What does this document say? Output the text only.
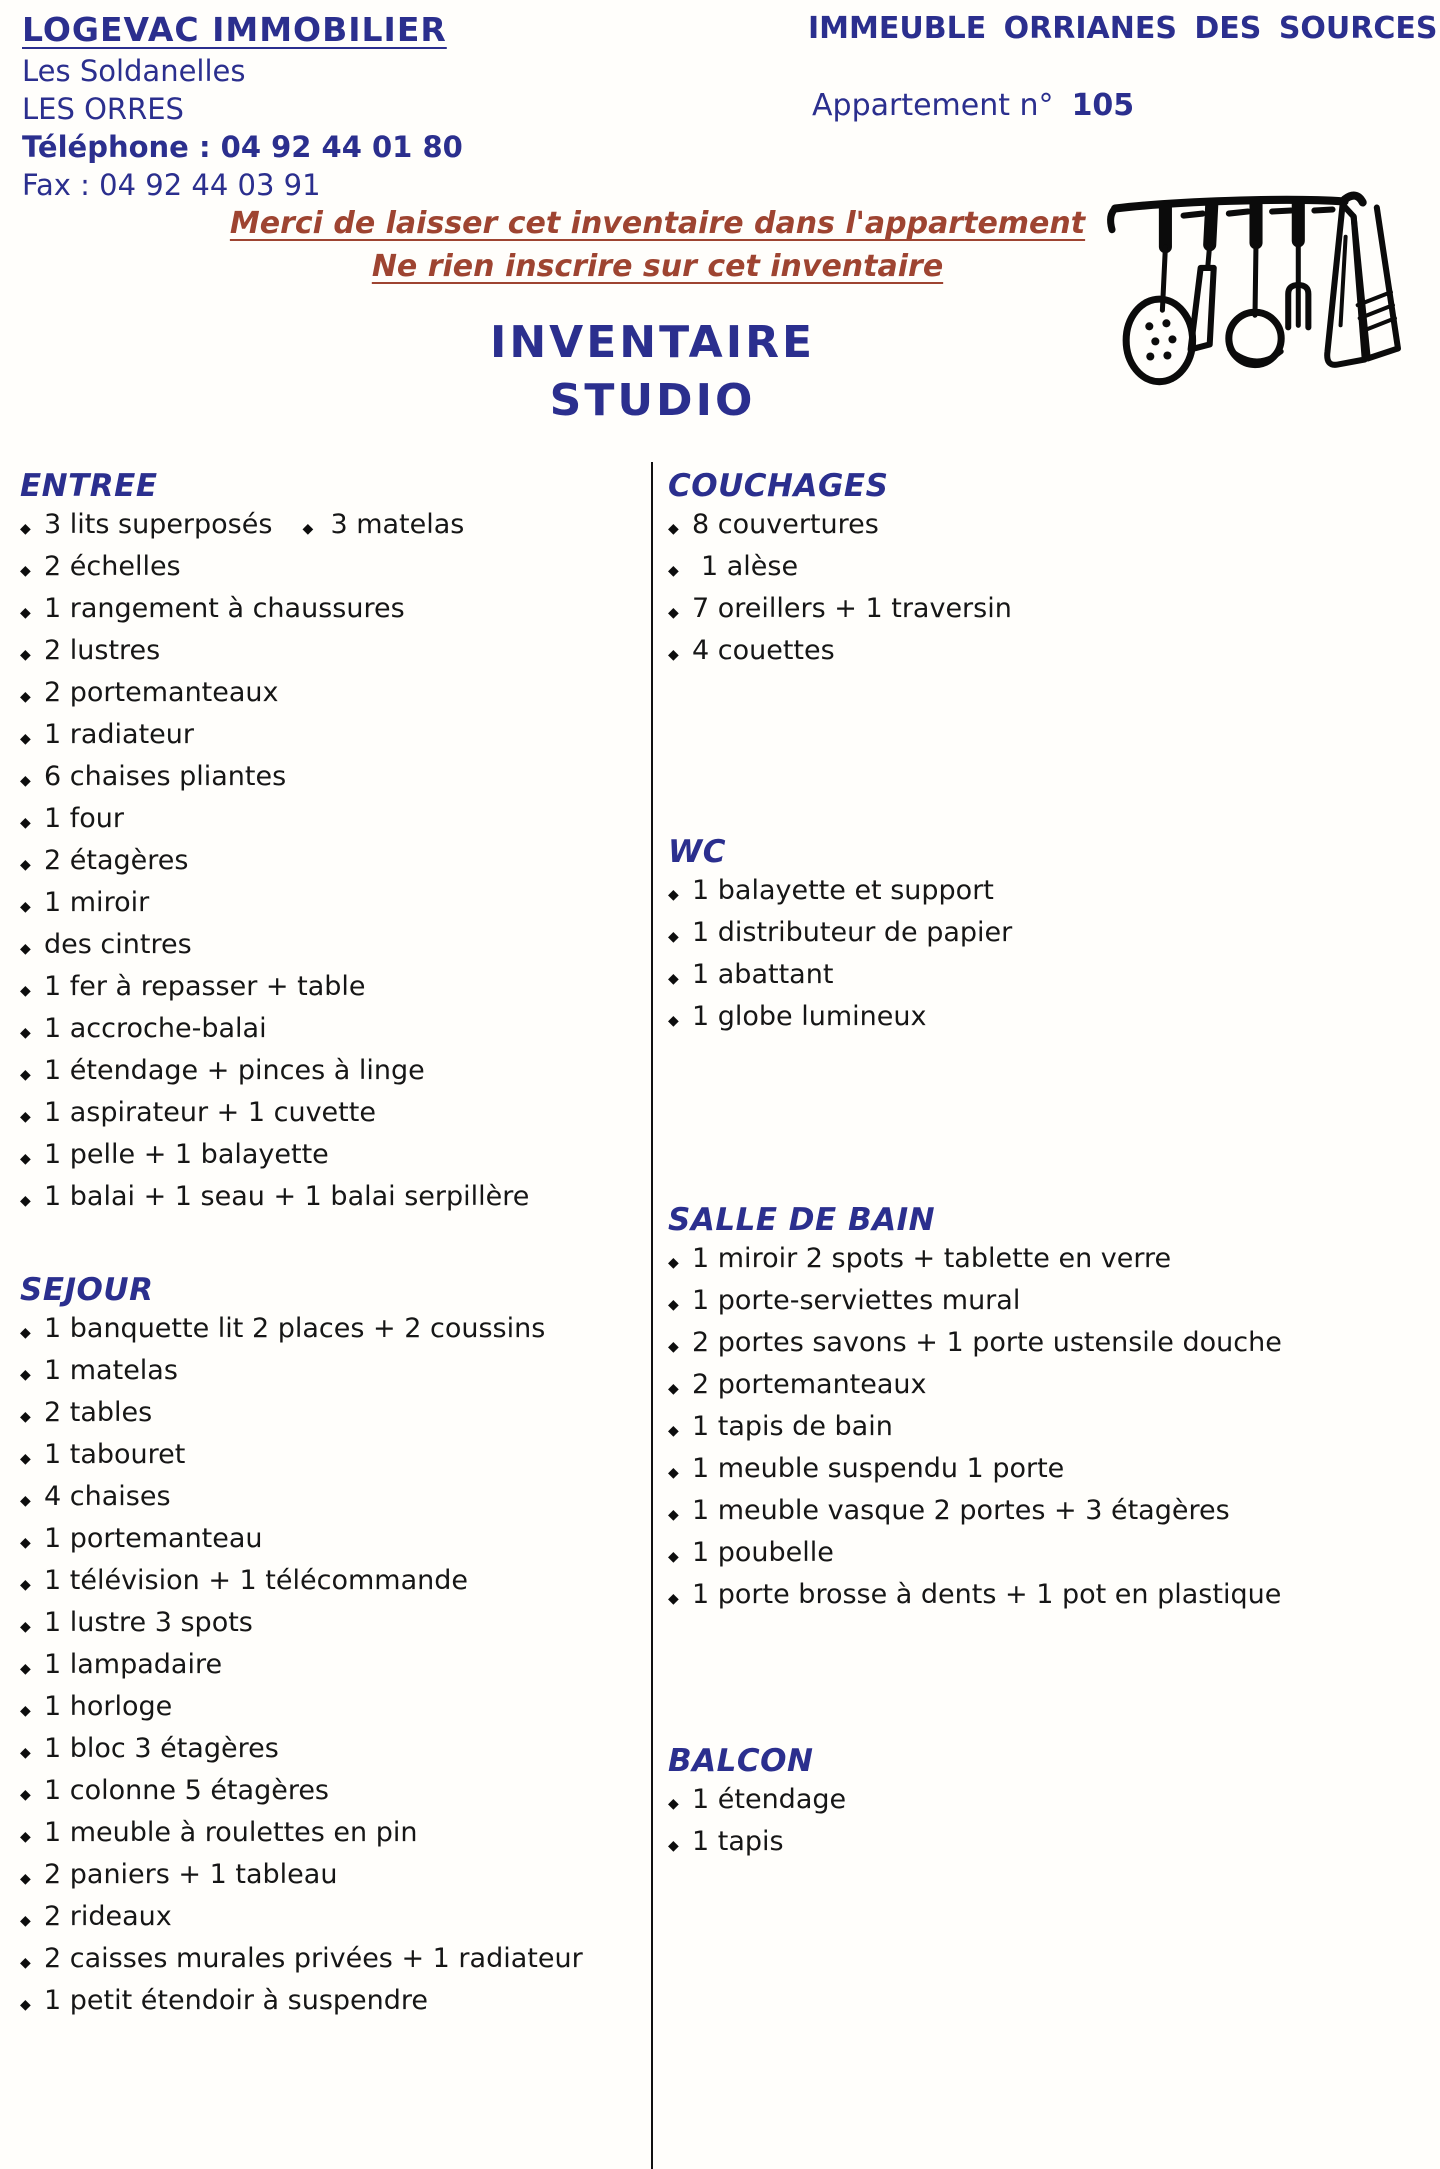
LOGEVAC IMMOBILIER
Les Soldanelles
LES ORRES
Téléphone : 04 92 44 01 80
Fax : 04 92 44 03 91
IMMEUBLE ORRIANES DES SOURCES
Appartement n° 105
Merci de laisser cet inventaire dans l'appartement
Ne rien inscrire sur cet inventaire
INVENTAIRE
STUDIO
ENTREE
◆ 3 lits superposés ◆ 3 matelas
◆ 2 échelles
◆ 1 rangement à chaussures
◆ 2 lustres
◆ 2 portemanteaux
◆ 1 radiateur
◆ 6 chaises pliantes
◆ 1 four
◆ 2 étagères
◆ 1 miroir
◆ des cintres
◆ 1 fer à repasser + table
◆ 1 accroche-balai
◆ 1 étendage + pinces à linge
◆ 1 aspirateur + 1 cuvette
◆ 1 pelle + 1 balayette
◆ 1 balai + 1 seau + 1 balai serpillère
SEJOUR
◆ 1 banquette lit 2 places + 2 coussins
◆ 1 matelas
◆ 2 tables
◆ 1 tabouret
◆ 4 chaises
◆ 1 portemanteau
◆ 1 télévision + 1 télécommande
◆ 1 lustre 3 spots
◆ 1 lampadaire
◆ 1 horloge
◆ 1 bloc 3 étagères
◆ 1 colonne 5 étagères
◆ 1 meuble à roulettes en pin
◆ 2 paniers + 1 tableau
◆ 2 rideaux
◆ 2 caisses murales privées + 1 radiateur
◆ 1 petit étendoir à suspendre
COUCHAGES
◆ 8 couvertures
◆ 1 alèse
◆ 7 oreillers + 1 traversin
◆ 4 couettes
WC
◆ 1 balayette et support
◆ 1 distributeur de papier
◆ 1 abattant
◆ 1 globe lumineux
SALLE DE BAIN
◆ 1 miroir 2 spots + tablette en verre
◆ 1 porte-serviettes mural
◆ 2 portes savons + 1 porte ustensile douche
◆ 2 portemanteaux
◆ 1 tapis de bain
◆ 1 meuble suspendu 1 porte
◆ 1 meuble vasque 2 portes + 3 étagères
◆ 1 poubelle
◆ 1 porte brosse à dents + 1 pot en plastique
BALCON
◆ 1 étendage
◆ 1 tapis
